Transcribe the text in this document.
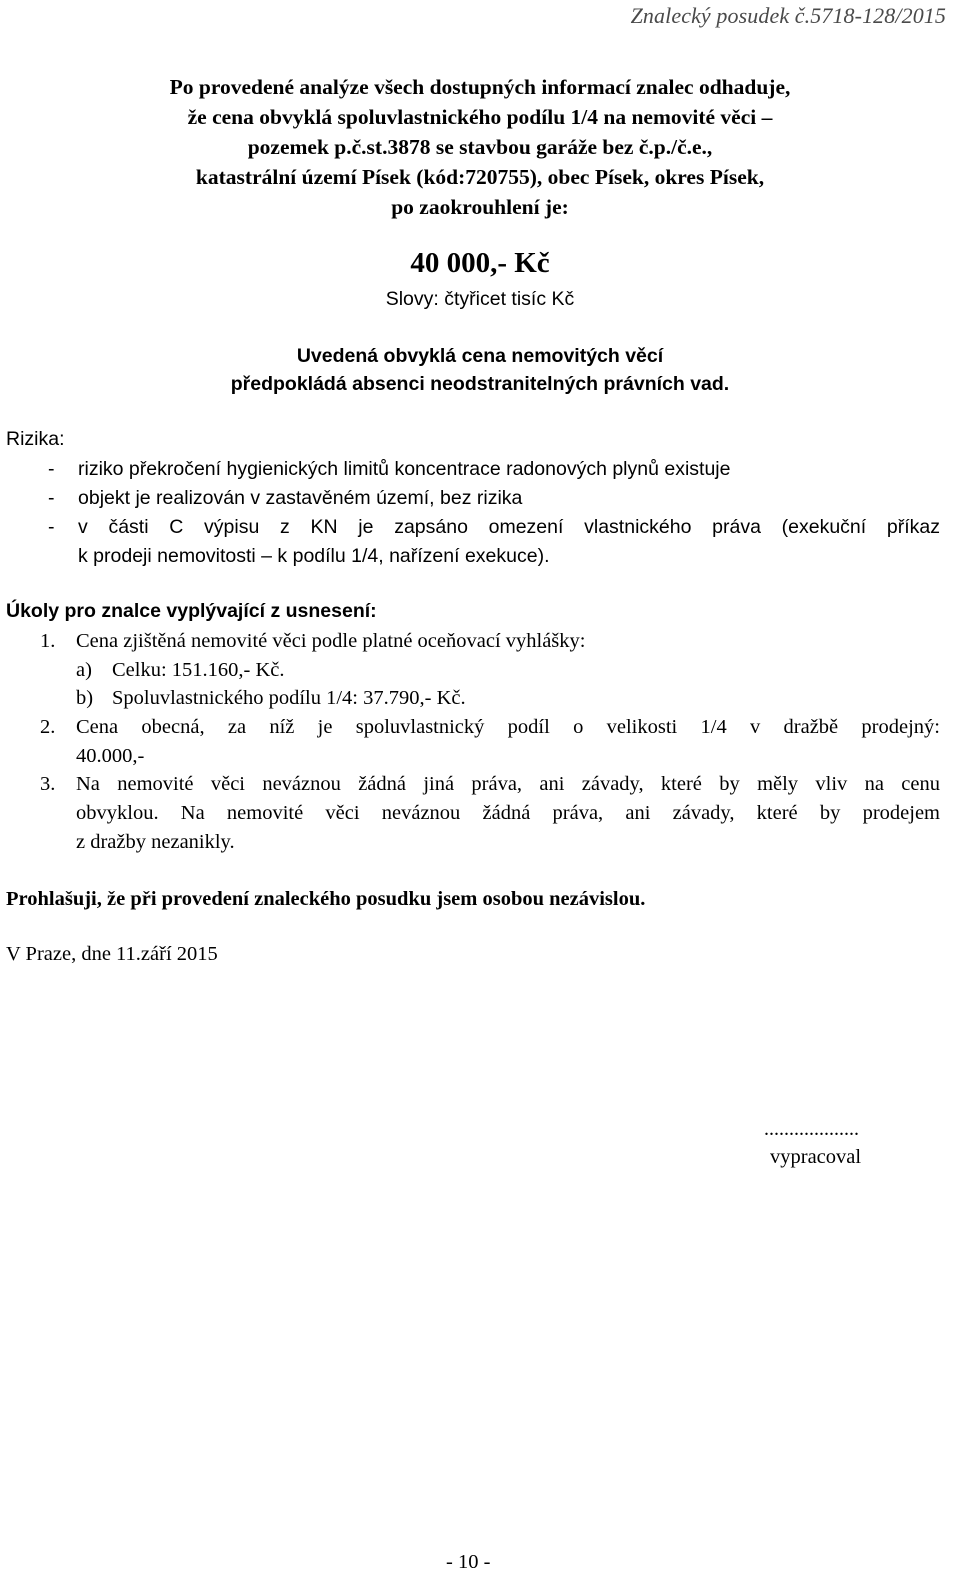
Znalecký posudek č.5718-128/2015
Po provedené analýze všech dostupných informací znalec odhaduje,
že cena obvyklá spoluvlastnického podílu 1/4 na nemovité věci –
pozemek p.č.st.3878 se stavbou garáže bez č.p./č.e.,
katastrální území Písek (kód:720755), obec Písek, okres Písek,
po zaokrouhlení je:
40 000,- Kč
Slovy: čtyřicet tisíc Kč
Uvedená obvyklá cena nemovitých věcí
předpokládá absenci neodstranitelných právních vad.
Rizika:
- riziko překročení hygienických limitů koncentrace radonových plynů existuje
- objekt je realizován v zastavěném území, bez rizika
- v části C výpisu z KN je zapsáno omezení vlastnického práva (exekuční příkaz
k prodeji nemovitosti – k podílu 1/4, nařízení exekuce).
Úkoly pro znalce vyplývající z usnesení:
1. Cena zjištěná nemovité věci podle platné oceňovací vyhlášky:
a) Celku: 151.160,- Kč.
b) Spoluvlastnického podílu 1/4: 37.790,- Kč.
2. Cena obecná, za níž je spoluvlastnický podíl o velikosti 1/4 v dražbě prodejný:
40.000,-
3. Na nemovité věci neváznou žádná jiná práva, ani závady, které by měly vliv na cenu
obvyklou. Na nemovité věci neváznou žádná práva, ani závady, které by prodejem
z dražby nezanikly.
Prohlašuji, že při provedení znaleckého posudku jsem osobou nezávislou.
V Praze, dne 11.září 2015
...................
vypracoval
- 10 -
